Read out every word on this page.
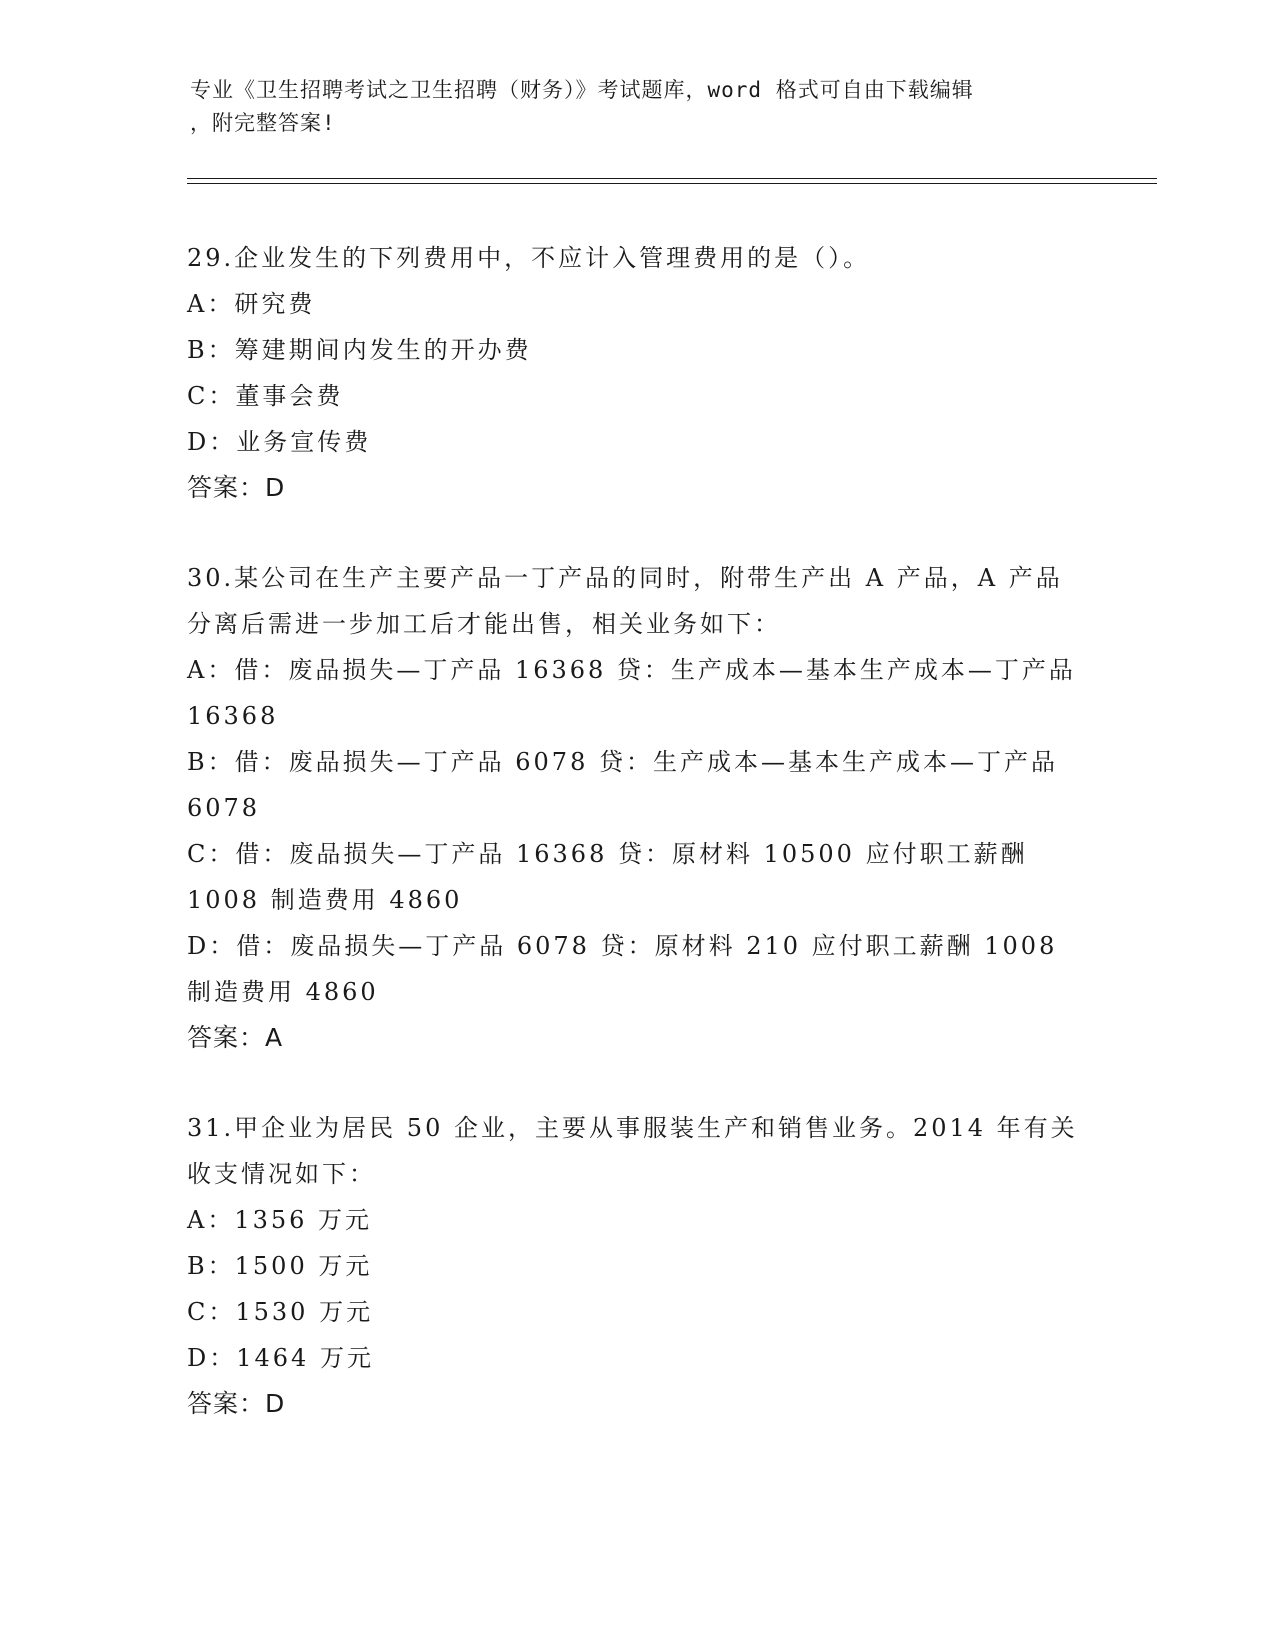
专业《卫生招聘考试之卫生招聘（财务）》考试题库，word 格式可自由下载编辑
，附完整答案!
29.企业发生的下列费用中，不应计入管理费用的是（）。
A：研究费
B：筹建期间内发生的开办费
C：董事会费
D：业务宣传费
答案：D
30.某公司在生产主要产品一丁产品的同时，附带生产出 A 产品，A 产品分离后需进一步加工后才能出售，相关业务如下：
A：借：废品损失—丁产品 16368 贷：生产成本—基本生产成本—丁产品 16368
B：借：废品损失—丁产品 6078 贷：生产成本—基本生产成本—丁产品 6078
C：借：废品损失—丁产品 16368 贷：原材料 10500 应付职工薪酬 1008 制造费用 4860
D：借：废品损失—丁产品 6078 贷：原材料 210 应付职工薪酬 1008 制造费用 4860
答案：A
31.甲企业为居民 50 企业，主要从事服装生产和销售业务。2014 年有关收支情况如下：
A：1356 万元
B：1500 万元
C：1530 万元
D：1464 万元
答案：D
